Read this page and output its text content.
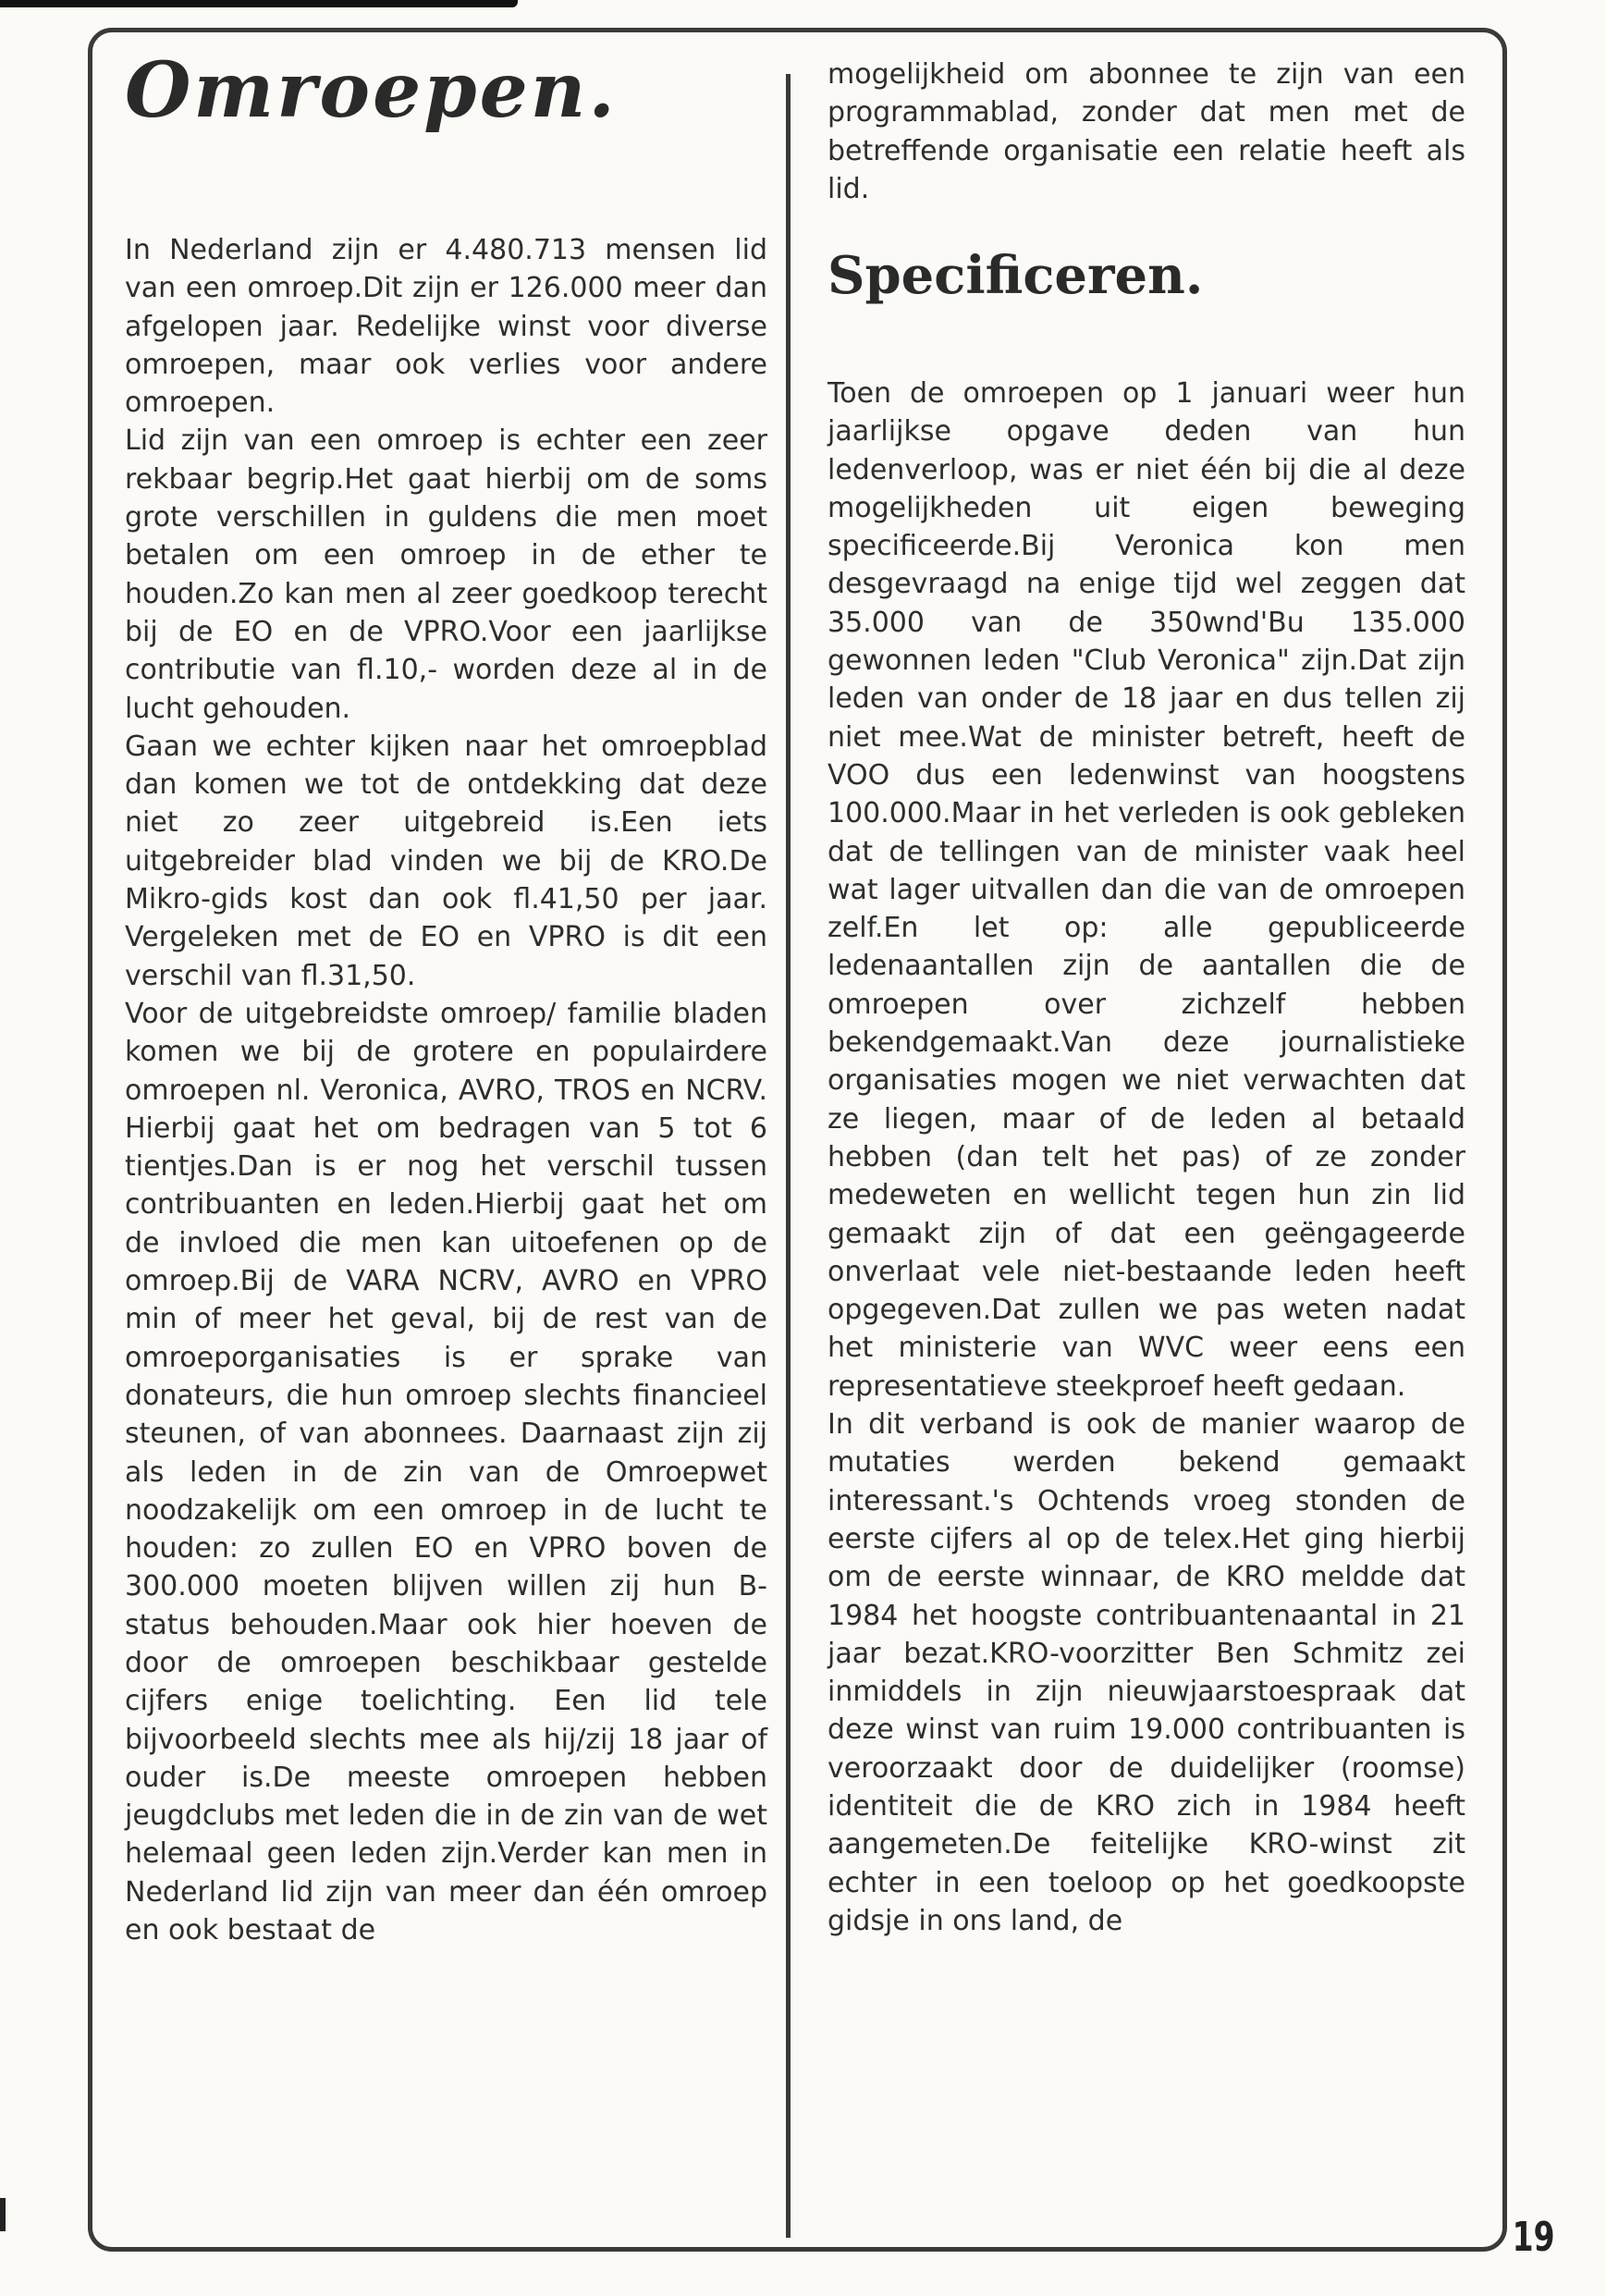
Omroepen.

In Nederland zijn er 4.480.713 mensen lid van een omroep.Dit zijn er 126.000 meer dan afgelopen jaar. Redelijke winst voor diverse omroepen, maar ook verlies voor andere omroepen.

Lid zijn van een omroep is echter een zeer rekbaar begrip.Het gaat hierbij om de soms grote verschillen in guldens die men moet betalen om een omroep in de ether te houden.Zo kan men al zeer goedkoop terecht bij de EO en de VPRO.Voor een jaarlijkse contributie van fl.10,- worden deze al in de lucht gehouden.

Gaan we echter kijken naar het omroepblad dan komen we tot de ontdekking dat deze niet zo zeer uitgebreid is.Een iets uitgebreider blad vinden we bij de KRO.De Mikro-gids kost dan ook fl.41,50 per jaar. Vergeleken met de EO en VPRO is dit een verschil van fl.31,50.

Voor de uitgebreidste omroep/ familie bladen komen we bij de grotere en populairdere omroepen nl. Veronica, AVRO, TROS en NCRV. Hierbij gaat het om bedragen van 5 tot 6 tientjes.Dan is er nog het verschil tussen contribuanten en leden.Hierbij gaat het om de invloed die men kan uitoefenen op de omroep.Bij de VARA NCRV, AVRO en VPRO min of meer het geval, bij de rest van de omroeporganisaties is er sprake van donateurs, die hun omroep slechts financieel steunen, of van abonnees. Daarnaast zijn zij als leden in de zin van de Omroepwet noodzakelijk om een omroep in de lucht te houden: zo zullen EO en VPRO boven de 300.000 moeten blijven willen zij hun B-status behouden.Maar ook hier hoeven de door de omroepen beschikbaar gestelde cijfers enige toelichting. Een lid tele bijvoorbeeld slechts mee als hij/zij 18 jaar of ouder is.De meeste omroepen hebben jeugdclubs met leden die in de zin van de wet helemaal geen leden zijn.Verder kan men in Nederland lid zijn van meer dan één omroep en ook bestaat de

mogelijkheid om abonnee te zijn van een programmablad, zonder dat men met de betreffende organisatie een relatie heeft als lid.

Specificeren.

Toen de omroepen op 1 januari weer hun jaarlijkse opgave deden van hun ledenverloop, was er niet één bij die al deze mogelijkheden uit eigen beweging specificeerde.Bij Veronica kon men desgevraagd na enige tijd wel zeggen dat 35.000 van de 350wnd'Bu 135.000 gewonnen leden "Club Veronica" zijn.Dat zijn leden van onder de 18 jaar en dus tellen zij niet mee.Wat de minister betreft, heeft de VOO dus een ledenwinst van hoogstens 100.000.Maar in het verleden is ook gebleken dat de tellingen van de minister vaak heel wat lager uitvallen dan die van de omroepen zelf.En let op: alle gepubliceerde ledenaantallen zijn de aantallen die de omroepen over zichzelf hebben bekendgemaakt.Van deze journalistieke organisaties mogen we niet verwachten dat ze liegen, maar of de leden al betaald hebben (dan telt het pas) of ze zonder medeweten en wellicht tegen hun zin lid gemaakt zijn of dat een geëngageerde onverlaat vele niet-bestaande leden heeft opgegeven.Dat zullen we pas weten nadat het ministerie van WVC weer eens een representatieve steekproef heeft gedaan.

In dit verband is ook de manier waarop de mutaties werden bekend gemaakt interessant.'s Ochtends vroeg stonden de eerste cijfers al op de telex.Het ging hierbij om de eerste winnaar, de KRO meldde dat 1984 het hoogste contribuantenaantal in 21 jaar bezat.KRO-voorzitter Ben Schmitz zei inmiddels in zijn nieuwjaarstoespraak dat deze winst van ruim 19.000 contribuanten is veroorzaakt door de duidelijker (roomse) identiteit die de KRO zich in 1984 heeft aangemeten.De feitelijke KRO-winst zit echter in een toeloop op het goedkoopste gidsje in ons land, de

19
